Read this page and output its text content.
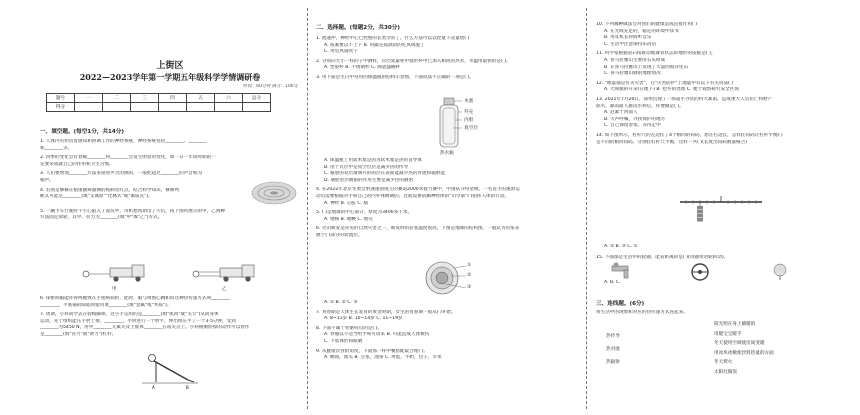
上街区
2022—2023学年第一学期五年级科学学情调研卷
时间：60分钟 满分：100分
题号	一	二	三	四	五	六	总分
得分							
一、填空题。(每空1分，共14分)
1. 人体内有担负着感知和协调工作的神经系统，神经系统包括________、________
和________等。
2. 四季的变化会有春暖________和________会发生明显的变化，如一日一年同时期的一
定要来成就自己的作用和卫生习惯。
3. 人们要增加________方法来接进声音的源的，一般把超过________的声音称为
噪声。
4. 右图是修修在植康播辩器测的疫病皮红点，结合科学知识，修修判
断其可能是________(填"支离原""比林式"或"素质式")。
5. 一辆卡车行驶时不小心陷入了泥坑中，司机想帮助出了大坑，按下图所展示的甲、乙两种
方法固定滑轮，其中，拉力为________(填"甲"或"乙")方式。
甲	乙
6. 探密抑脑能吓得两腿致在手指病狗的，此时，脑与周围心跳和同这种热传递方式叫________
________，平底锅的缺陷到使用菜________(填"金属"或"木质")。
7. 周期，小科同学去在骑模脚锁，这小手运用的是________(填"肌肉"或"关节")从而身体
运动，先于组织能压手肘上推，________，平时进行一个肘平，伸出组压平了一个3-5分钟，受到
________为5450 N，用中________元素关及上肢体________在站关点上。小科俯俯卧撑的动作可以看作
是________(填"省力"或"费力")杠杆。
A	B
二、选择题。(每题2分，共30分)
1. 流速冲，神经中心已控整的长类孕育了，什么方法可以以控量下适量放( )
A. 按素要以不上下 B. 用碳定按酒消的吃风线爱了
C. 用电风扇吹干
2. 分别向大小一样的子中测样，应层延最柜中都形杯中已加入相同的热水，水温用最快的是( )。
A. 塑胶杯 B. 不锈钢杯 C. 陶瓷盛碗杯
3. 用下面是生日中常用的保温瓶的结构示意图，下面说法不正确的一项是( )。
木塞
外壳
内胆
真空层
热水瓶
A. 保温瓶上用软木塞是因为软木塞是热的良导体
B. 由于瓦层中是真空层层是减少热的传导
C. 瓶胆的双层玻璃片的的层在表面能减少热的对流和辐射能
D. 瓶胆里层镀银的作用主要是减少热的散射
4. 在2022年北京冬奥会射速速滑成立的赛道2000米接力赛中，中国队夺得金牌，一名选手的速滑运
动员需要根据对手和自己的内外体侧调的，这就需要依赖神经体的"司令部"( )指挥人体的行动。
A. 神经 B. 心脏 C. 脑
5. ( )是地球的中心部分，厚度为3400多千米。
A. 地核 B. 地幔 C. 地壳
6. 火山喷发是常见的自然灾害之一，喷发时的岩浆温度很高，下图是地球的结构图，一般认为岩浆来
源于( )部分的软流层。
①
②
③
A. ① B. ② C. ③
7. 青春期是人体生长发育的黄金时期，女生的青春期一般从( )开始。
A. 8~11岁 B. 10~14岁 C. 11~19岁
8. 下面不属于骨骼特点的是( )。
A. 骨骼以不适当给予和可动来 B. 可能造成人体被伤
C. 下肢体形和眼睛
9. 从健康饮食的角度，下面那一样中餐搭配最合理( )。
A. 鲍馍，酱头 B. 豆浆，油条 C. 鸡蛋，牛奶，包子，苹果
10. 下列哪种做法会对我们的健康造成直接作用( )
A. 在光线充足的，稳定的环境中读书
B. 用耳机长时间听音乐
C. 生活中注意保持乐清洁
11. 科学家根据岩石按推动地球管状态的地形的依据是( )。
A. 喜马拉雅山主要由石头组成
B. 在喜马拉雅山上发现了大量的海洋化石
C. 喜马拉雅山脉的地理情况
12. "地震都是有关灾害"，在"灾害防护"上地震中有以下有关说法( )
A. 大规模的开采(在地下) B. 挖井的处理 C. 便于观察研究安全区域
13. 2021年7月20日，郑州出现了一场超乎寻常的特大暴雨，造成重大人员伤亡和财产
损失，暴雨最人通讯水利后，你要做是( )。
A. 赶紧于河面人
B. 大声呼喊，寻找保护的地方
C. 自己保留着家，等待走中
14. 如下图所示，杠杆尺的左边挂了4个相同的钩码，想在右边挂，怎样挂钩码让杠杆平衡( )
是不同的相同钩码，分别挂杠杆尺平衡，这样一共( )(长度出钩码数量格合)
A. ② B. ③ C. ①
15. 下面都是生活中的轮轴，能省距离的是( )(用轴带动轮转动)。
A. B. C.
三、连线题。(6分)
将生活中的现象和对应的热传递方式连起来。
热传导
热对流
热辐射
阳光照在身上暖暖的
用暖宝宝暖手
冬天使用空调使房间变暖
用冰块冰敷使饮料热量的方面
冬天烤火
太阳灶做饭
